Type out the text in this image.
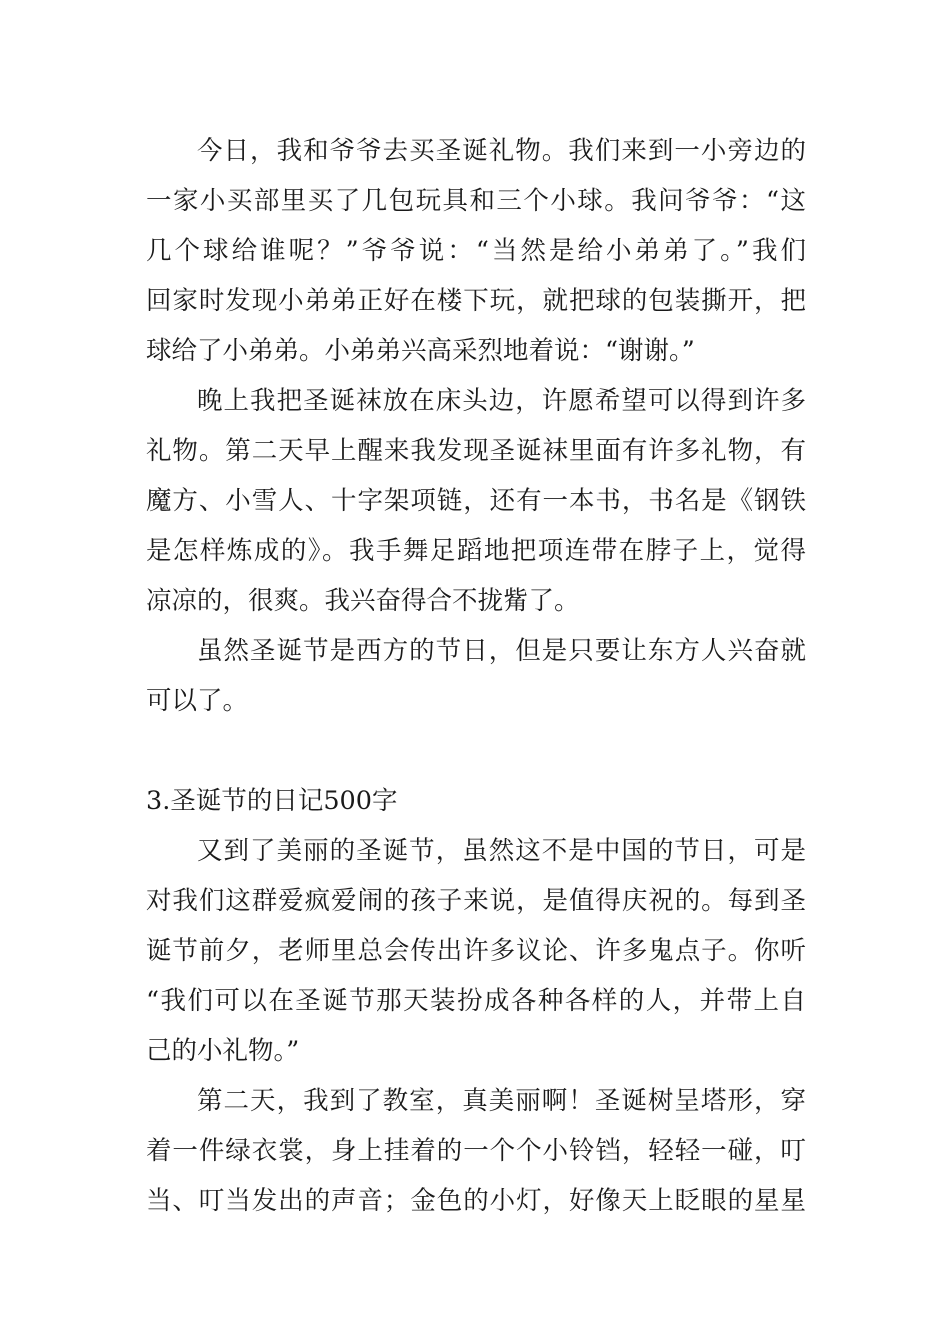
今日，我和爷爷去买圣诞礼物。我们来到一小旁边的
一家小买部里买了几包玩具和三个小球。我问爷爷：“这
几个球给谁呢？”爷爷说：“当然是给小弟弟了。”我们
回家时发现小弟弟正好在楼下玩，就把球的包装撕开，把
球给了小弟弟。小弟弟兴高采烈地着说：“谢谢。”
晚上我把圣诞袜放在床头边，许愿希望可以得到许多
礼物。第二天早上醒来我发现圣诞袜里面有许多礼物，有
魔方、小雪人、十字架项链，还有一本书，书名是《钢铁
是怎样炼成的》。我手舞足蹈地把项连带在脖子上，觉得
凉凉的，很爽。我兴奋得合不拢觜了。
虽然圣诞节是西方的节日，但是只要让东方人兴奋就
可以了。
3.圣诞节的日记500字
又到了美丽的圣诞节，虽然这不是中国的节日，可是
对我们这群爱疯爱闹的孩子来说，是值得庆祝的。每到圣
诞节前夕，老师里总会传出许多议论、许多鬼点子。你听
“我们可以在圣诞节那天装扮成各种各样的人，并带上自
己的小礼物。”
第二天，我到了教室，真美丽啊！圣诞树呈塔形，穿
着一件绿衣裳，身上挂着的一个个小铃铛，轻轻一碰，叮
当、叮当发出的声音；金色的小灯，好像天上眨眼的星星
